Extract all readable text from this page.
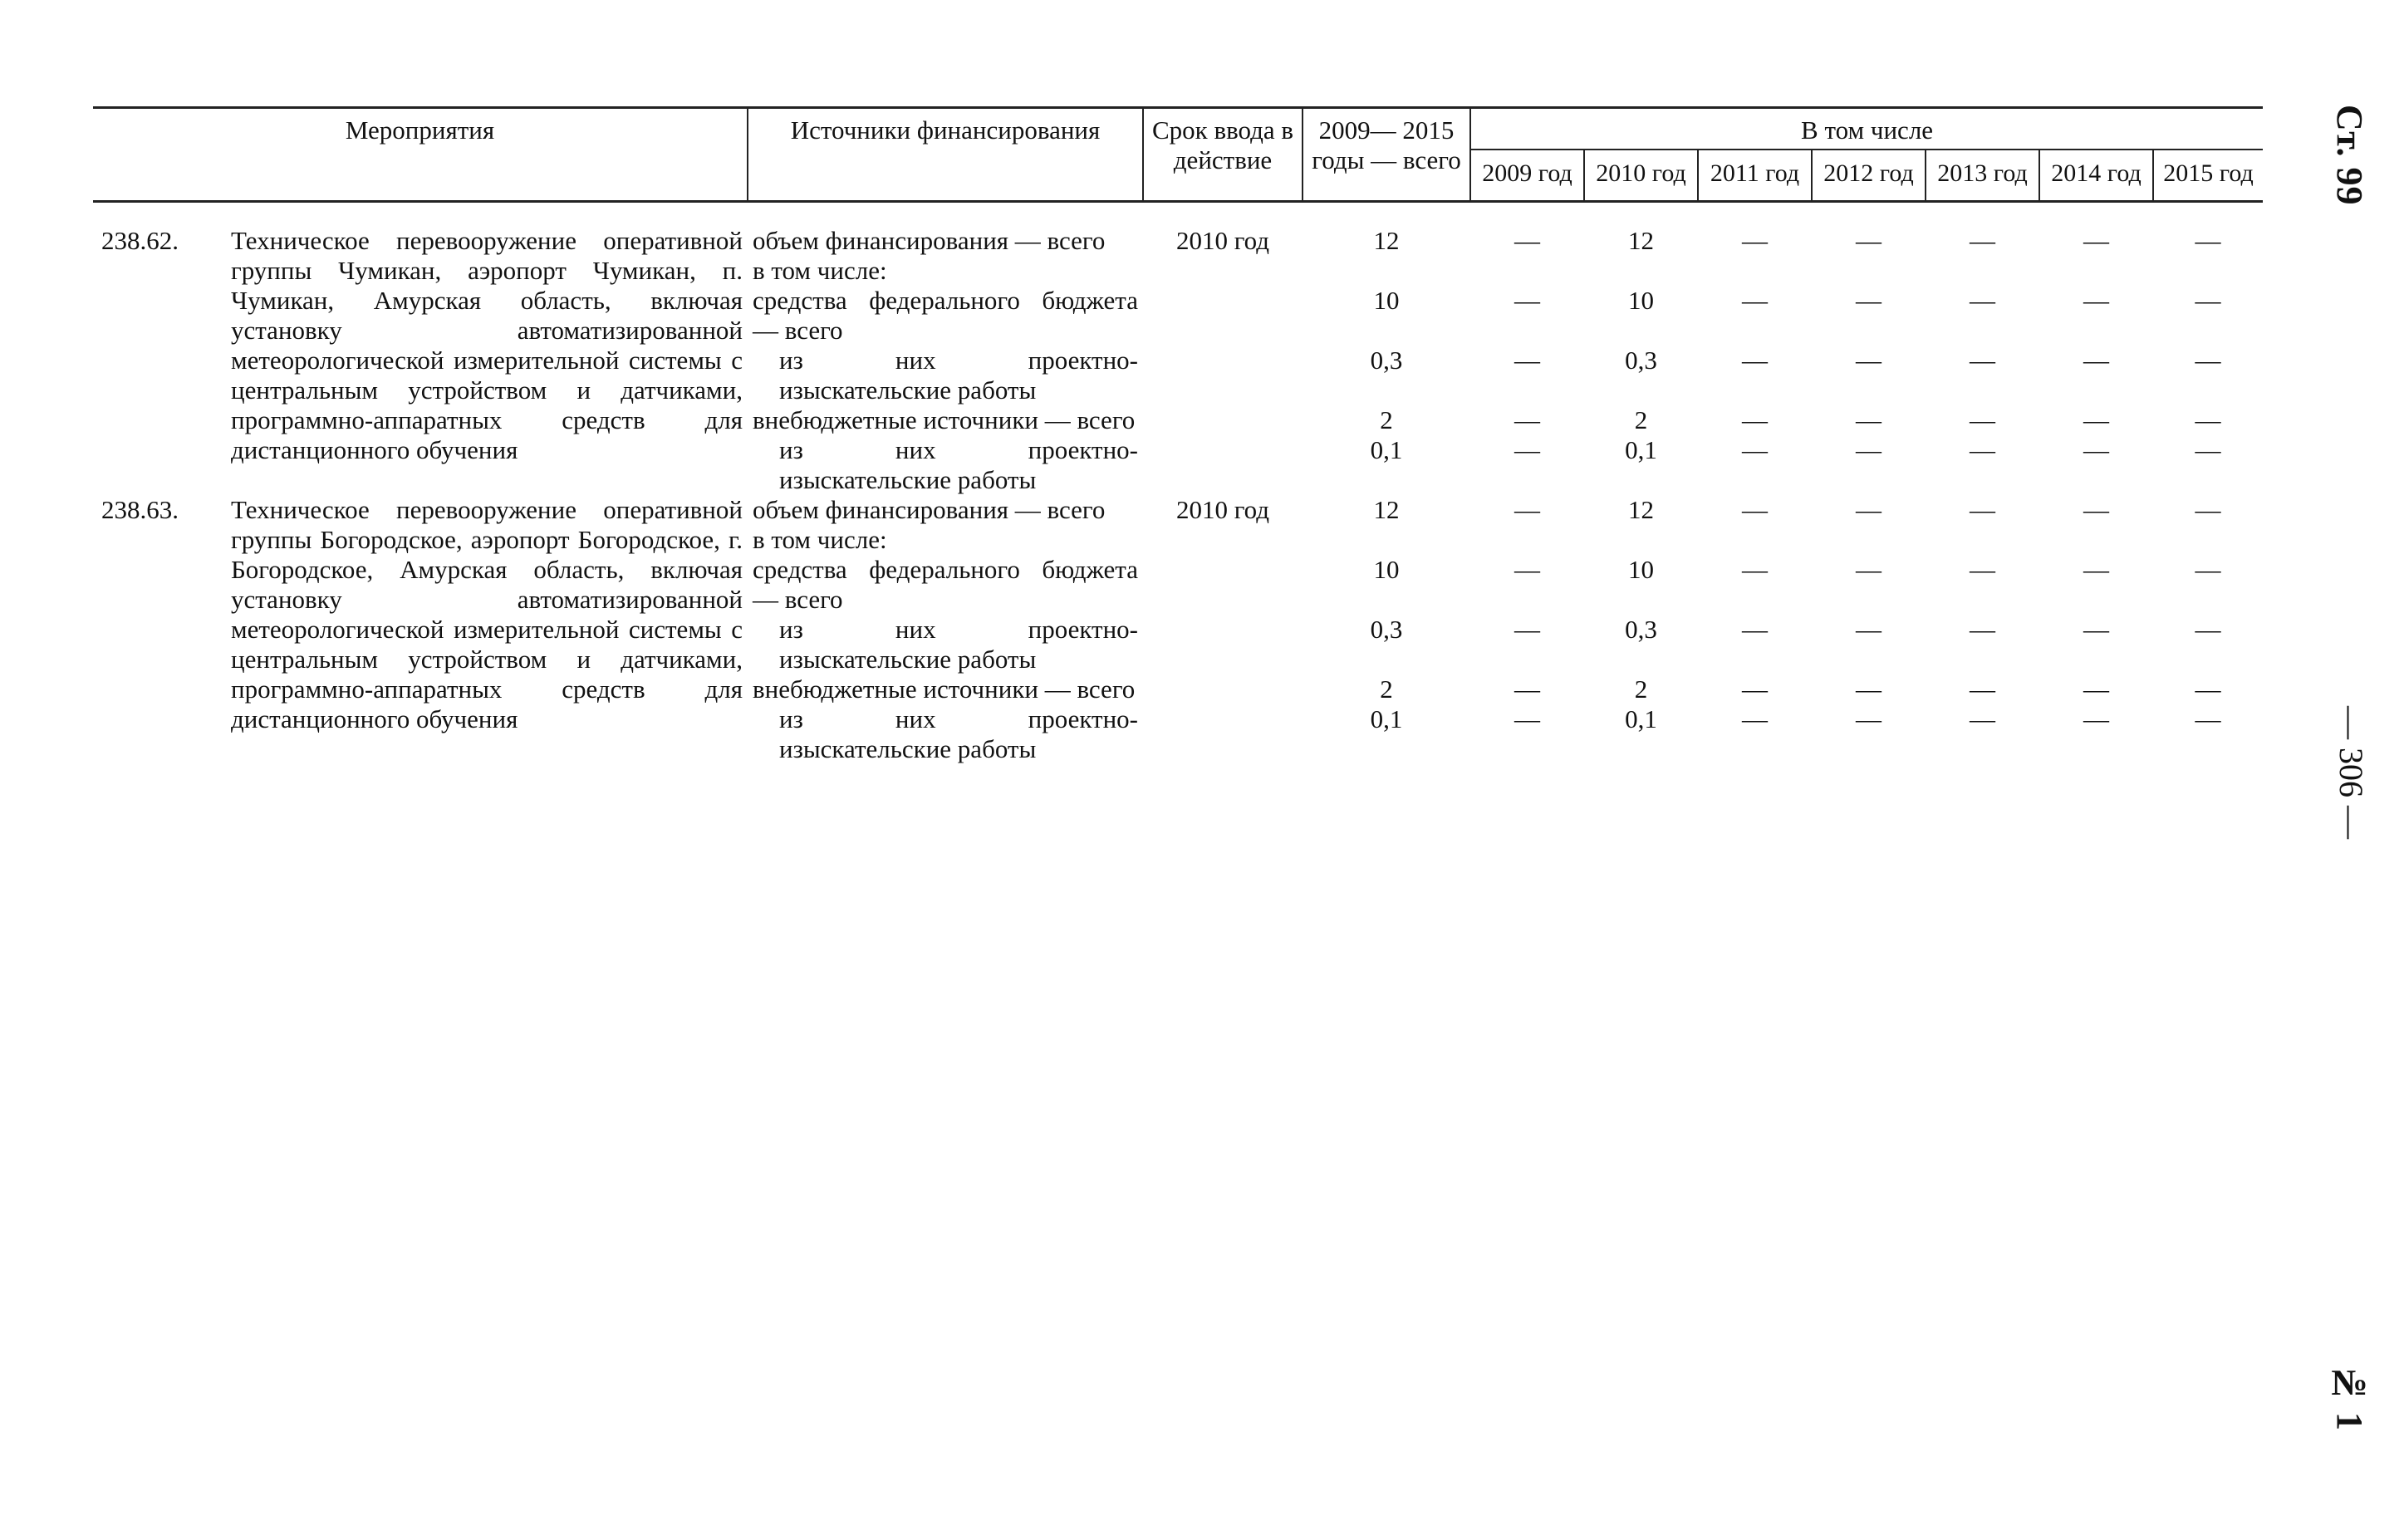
Мероприятия		Источники финансирования	Срок ввода в действие	2009— 2015 годы — всего	В том числе						
					2009 год	2010 год	2011 год	2012 год	2013 год	2014 год	2015 год

238.62.	Техническое перевооружение оперативной группы Чумикан, аэропорт Чумикан, п. Чумикан, Амурская область, включая установку автоматизированной метеорологической измерительной системы с центральным устройством и датчиками, программно-аппаратных средств для дистанционного обучения	объем финансирования — всего	2010 год	12	—	12	—	—	—	—	—
		в том числе:									
		средства федерального бюджета — всего		10	—	10	—	—	—	—	—
		из них проектно-изыскательские работы		0,3	—	0,3	—	—	—	—	—
		внебюджетные источники — всего		2	—	2	—	—	—	—	—
		из них проектно-изыскательские работы		0,1	—	0,1	—	—	—	—	—
238.63.	Техническое перевооружение оперативной группы Богородское, аэропорт Богородское, г. Богородское, Амурская область, включая установку автоматизированной метеорологической измерительной системы с центральным устройством и датчиками, программно-аппаратных средств для дистанционного обучения	объем финансирования — всего	2010 год	12	—	12	—	—	—	—	—
		в том числе:									
		средства федерального бюджета — всего		10	—	10	—	—	—	—	—
		из них проектно-изыскательские работы		0,3	—	0,3	—	—	—	—	—
		внебюджетные источники — всего		2	—	2	—	—	—	—	—
		из них проектно-изыскательские работы		0,1	—	0,1	—	—	—	—	—
Ст. 99
— 306 —
№ 1
